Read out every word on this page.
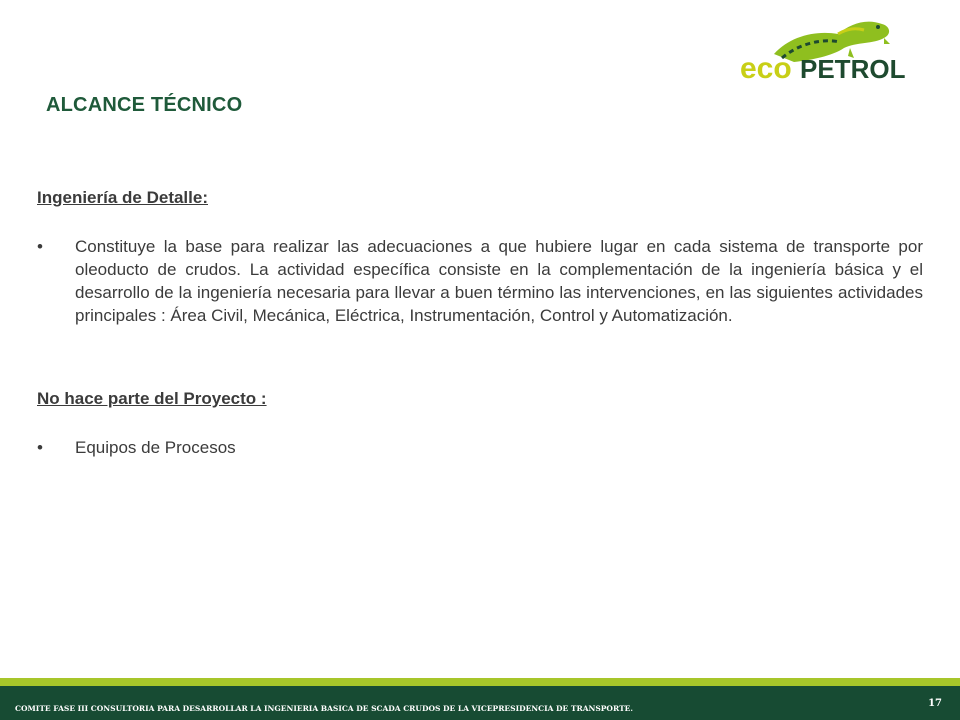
eco PETROL
ALCANCE TÉCNICO

Ingeniería de Detalle:

•	Constituye la base para realizar las adecuaciones a que hubiere lugar en cada sistema de transporte por oleoducto de crudos. La actividad específica consiste en la complementación de la ingeniería básica y el desarrollo de la ingeniería necesaria para llevar a buen término las intervenciones, en las siguientes actividades principales : Área Civil, Mecánica, Eléctrica, Instrumentación, Control y Automatización.

No hace parte del Proyecto :

•	Equipos de Procesos
COMITE FASE III CONSULTORIA PARA DESARROLLAR LA INGENIERIA BASICA DE SCADA CRUDOS DE LA VICEPRESIDENCIA DE TRANSPORTE.	17
